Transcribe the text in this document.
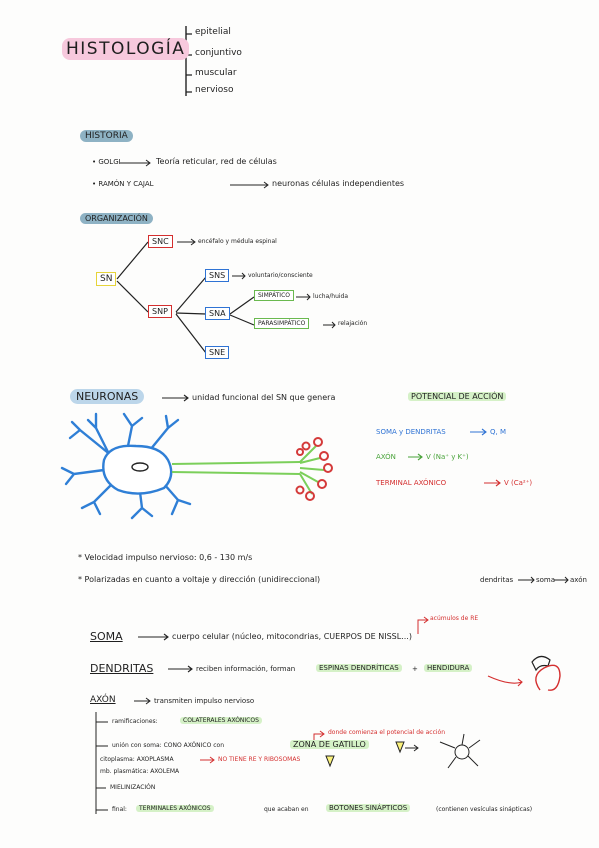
HISTOLOGÍA
epitelial
conjuntivo
muscular
nervioso
HISTORIA
• GOLGI	Teoría reticular, red de células
• RAMÓN Y CAJAL	neuronas células independientes
ORGANIZACIÓN
SN
SNC	encéfalo y médula espinal
SNP
SNS	voluntario/consciente
SNA
SIMPÁTICO	lucha/huida
PARASIMPÁTICO	relajación
SNE
NEURONAS	unidad funcional del SN que genera	POTENCIAL DE ACCIÓN
SOMA y DENDRITAS	Q, M
AXÓN	V (Na⁺ y K⁺)
TERMINAL AXÓNICO	V (Ca²⁺)
* Velocidad impulso nervioso: 0,6 - 130 m/s
* Polarizadas en cuanto a voltaje y dirección (unidireccional)	dendritas	soma axón
SOMA	cuerpo celular (núcleo, mitocondrias, CUERPOS DE NISSL...)
acúmulos de RE
DENDRITAS	reciben información, forman	ESPINAS DENDRÍTICAS	+	HENDIDURA
AXÓN	transmiten impulso nervioso
ramificaciones:	COLATERALES AXÓNICOS
donde comienza el potencial de acción
unión con soma: CONO AXÓNICO con	ZONA DE GATILLO
citoplasma: AXOPLASMA	NO TIENE RE Y RIBOSOMAS
mb. plasmática: AXOLEMA
MIELINIZACIÓN
final:	TERMINALES AXÓNICOS	que acaban en	BOTONES SINÁPTICOS	(contienen vesículas sinápticas)
